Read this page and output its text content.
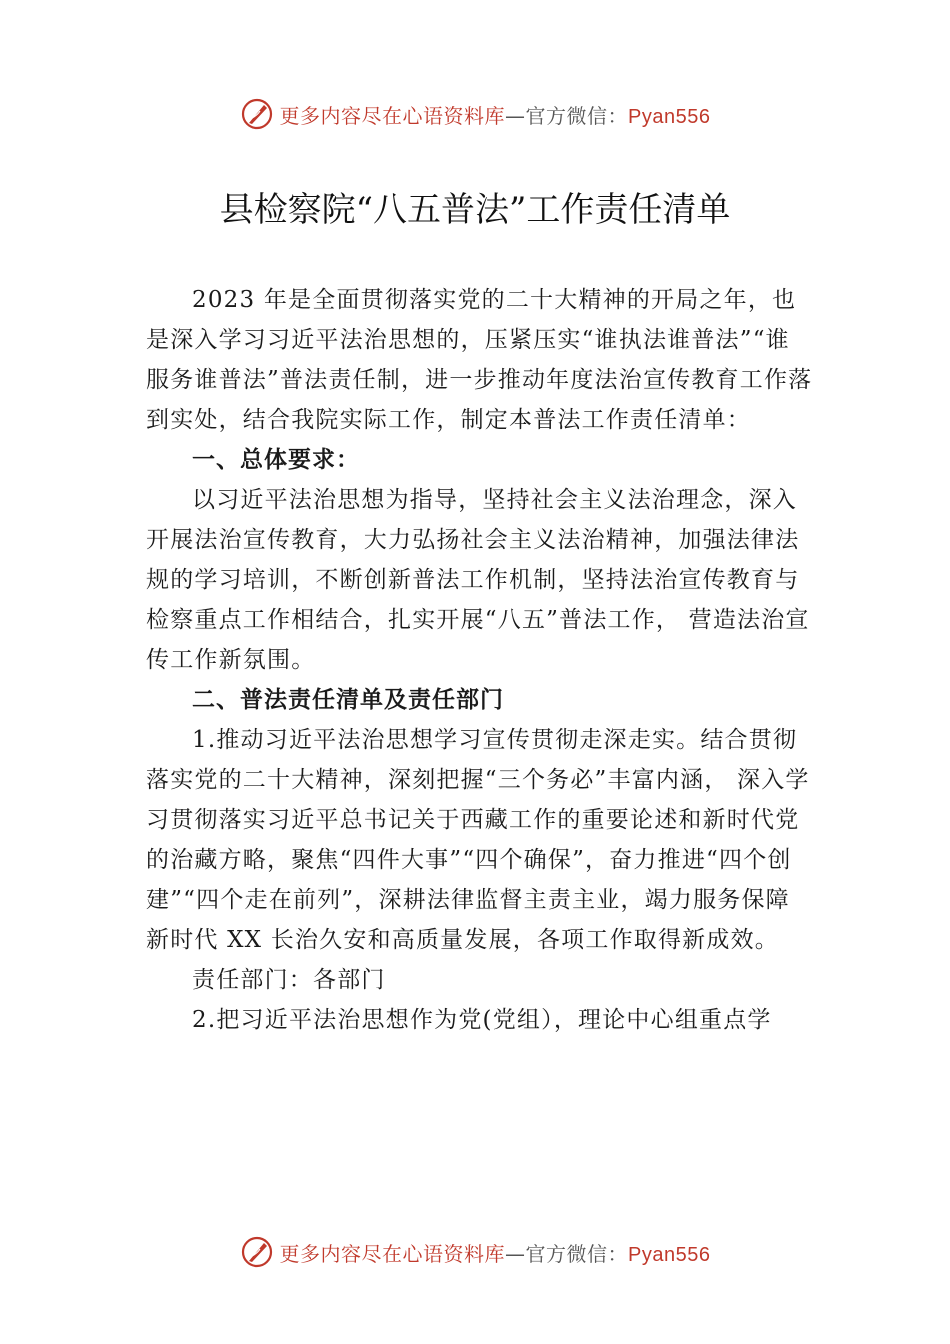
更多内容尽在心语资料库—官方微信：Pyan556
县检察院“八五普法”工作责任清单

2023 年是全面贯彻落实党的二十大精神的开局之年，也是深入学习习近平法治思想的，压紧压实“谁执法谁普法”“谁服务谁普法”普法责任制，进一步推动年度法治宣传教育工作落到实处，结合我院实际工作，制定本普法工作责任清单：

一、总体要求：

以习近平法治思想为指导，坚持社会主义法治理念，深入开展法治宣传教育，大力弘扬社会主义法治精神，加强法律法规的学习培训，不断创新普法工作机制，坚持法治宣传教育与检察重点工作相结合，扎实开展“八五”普法工作， 营造法治宣传工作新氛围。

二、普法责任清单及责任部门

1.推动习近平法治思想学习宣传贯彻走深走实。结合贯彻落实党的二十大精神，深刻把握“三个务必”丰富内涵， 深入学习贯彻落实习近平总书记关于西藏工作的重要论述和新时代党的治藏方略，聚焦“四件大事”“四个确保”，奋力推进“四个创建”“四个走在前列”，深耕法律监督主责主业，竭力服务保障新时代 XX 长治久安和高质量发展，各项工作取得新成效。

责任部门：各部门

2.把习近平法治思想作为党(党组），理论中心组重点学

更多内容尽在心语资料库—官方微信：Pyan556
